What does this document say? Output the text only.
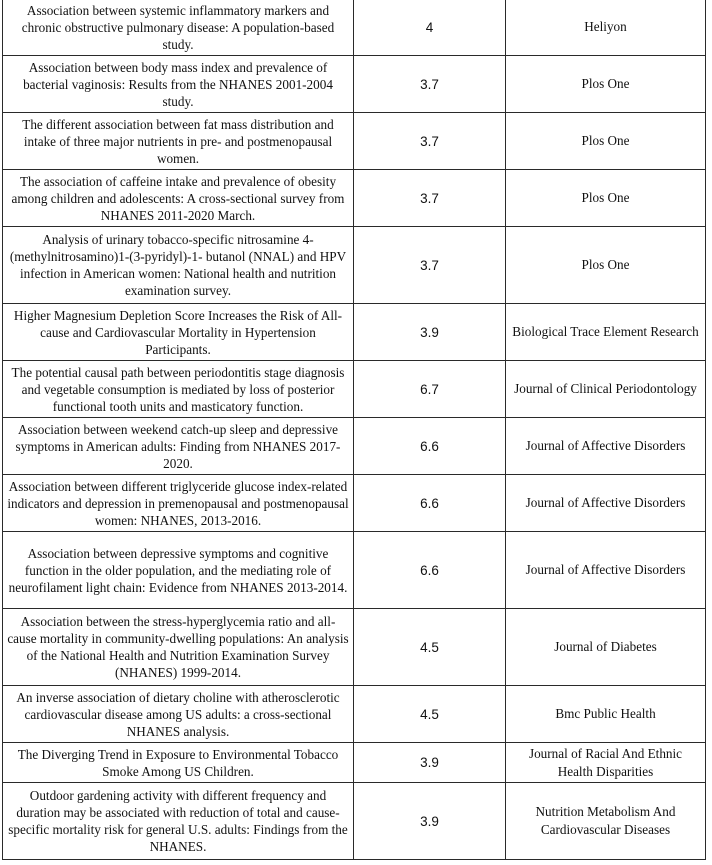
Association between systemic inflammatory markers and chronic obstructive pulmonary disease: A population-based study.	4	Heliyon
Association between body mass index and prevalence of bacterial vaginosis: Results from the NHANES 2001-2004 study.	3.7	Plos One
The different association between fat mass distribution and intake of three major nutrients in pre- and postmenopausal women.	3.7	Plos One
The association of caffeine intake and prevalence of obesity among children and adolescents: A cross-sectional survey from NHANES 2011-2020 March.	3.7	Plos One
Analysis of urinary tobacco-specific nitrosamine 4-(methylnitrosamino)1-(3-pyridyl)-1- butanol (NNAL) and HPV infection in American women: National health and nutrition examination survey.	3.7	Plos One
Higher Magnesium Depletion Score Increases the Risk of All-cause and Cardiovascular Mortality in Hypertension Participants.	3.9	Biological Trace Element Research
The potential causal path between periodontitis stage diagnosis and vegetable consumption is mediated by loss of posterior functional tooth units and masticatory function.	6.7	Journal of Clinical Periodontology
Association between weekend catch-up sleep and depressive symptoms in American adults: Finding from NHANES 2017-2020.	6.6	Journal of Affective Disorders
Association between different triglyceride glucose index-related indicators and depression in premenopausal and postmenopausal women: NHANES, 2013-2016.	6.6	Journal of Affective Disorders
Association between depressive symptoms and cognitive function in the older population, and the mediating role of neurofilament light chain: Evidence from NHANES 2013-2014.	6.6	Journal of Affective Disorders
Association between the stress-hyperglycemia ratio and all-cause mortality in community-dwelling populations: An analysis of the National Health and Nutrition Examination Survey (NHANES) 1999-2014.	4.5	Journal of Diabetes
An inverse association of dietary choline with atherosclerotic cardiovascular disease among US adults: a cross-sectional NHANES analysis.	4.5	Bmc Public Health
The Diverging Trend in Exposure to Environmental Tobacco Smoke Among US Children.	3.9	Journal of Racial And Ethnic Health Disparities
Outdoor gardening activity with different frequency and duration may be associated with reduction of total and cause-specific mortality risk for general U.S. adults: Findings from the NHANES.	3.9	Nutrition Metabolism And Cardiovascular Diseases
